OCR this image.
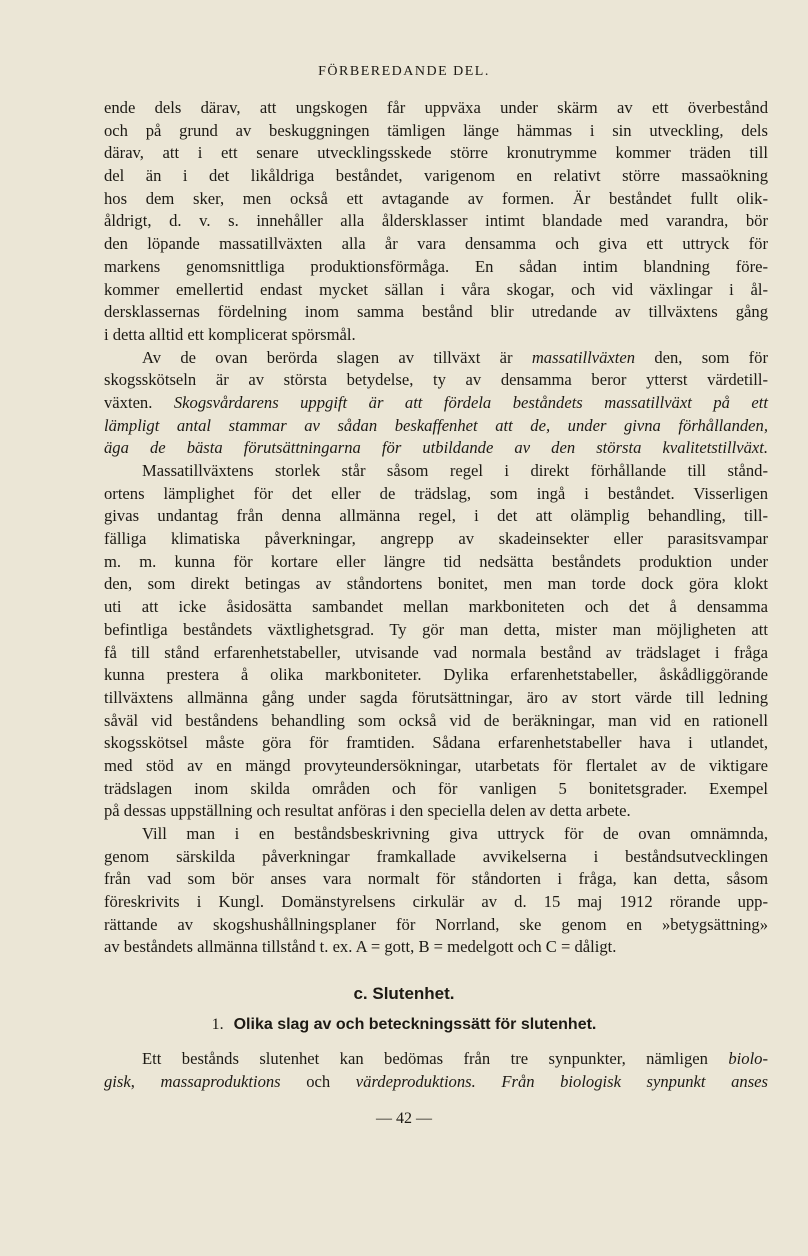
FÖRBEREDANDE DEL.
ende dels därav, att ungskogen får uppväxa under skärm av ett överbestånd
och på grund av beskuggningen tämligen länge hämmas i sin utveckling, dels
därav, att i ett senare utvecklingsskede större kronutrymme kommer träden till
del än i det likåldriga beståndet, varigenom en relativt större massaökning
hos dem sker, men också ett avtagande av formen. Är beståndet fullt olik-
åldrigt, d. v. s. innehåller alla åldersklasser intimt blandade med varandra, bör
den löpande massatillväxten alla år vara densamma och giva ett uttryck för
markens genomsnittliga produktionsförmåga. En sådan intim blandning före-
kommer emellertid endast mycket sällan i våra skogar, och vid växlingar i ål-
dersklassernas fördelning inom samma bestånd blir utredande av tillväxtens gång
i detta alltid ett komplicerat spörsmål.
Av de ovan berörda slagen av tillväxt är massatillväxten den, som för
skogsskötseln är av största betydelse, ty av densamma beror ytterst värdetill-
växten. Skogsvårdarens uppgift är att fördela beståndets massatillväxt på ett
lämpligt antal stammar av sådan beskaffenhet att de, under givna förhållanden,
äga de bästa förutsättningarna för utbildande av den största kvalitetstillväxt.
Massatillväxtens storlek står såsom regel i direkt förhållande till stånd-
ortens lämplighet för det eller de trädslag, som ingå i beståndet. Visserligen
givas undantag från denna allmänna regel, i det att olämplig behandling, till-
fälliga klimatiska påverkningar, angrepp av skadeinsekter eller parasitsvampar
m. m. kunna för kortare eller längre tid nedsätta beståndets produktion under
den, som direkt betingas av ståndortens bonitet, men man torde dock göra klokt
uti att icke åsidosätta sambandet mellan markboniteten och det å densamma
befintliga beståndets växtlighetsgrad. Ty gör man detta, mister man möjligheten att
få till stånd erfarenhetstabeller, utvisande vad normala bestånd av trädslaget i fråga
kunna prestera å olika markboniteter. Dylika erfarenhetstabeller, åskådliggörande
tillväxtens allmänna gång under sagda förutsättningar, äro av stort värde till ledning
såväl vid beståndens behandling som också vid de beräkningar, man vid en rationell
skogsskötsel måste göra för framtiden. Sådana erfarenhetstabeller hava i utlandet,
med stöd av en mängd provyteundersökningar, utarbetats för flertalet av de viktigare
trädslagen inom skilda områden och för vanligen 5 bonitetsgrader. Exempel
på dessas uppställning och resultat anföras i den speciella delen av detta arbete.
Vill man i en beståndsbeskrivning giva uttryck för de ovan omnämnda,
genom särskilda påverkningar framkallade avvikelserna i beståndsutvecklingen
från vad som bör anses vara normalt för ståndorten i fråga, kan detta, såsom
föreskrivits i Kungl. Domänstyrelsens cirkulär av d. 15 maj 1912 rörande upp-
rättande av skogshushållningsplaner för Norrland, ske genom en »betygsättning»
av beståndets allmänna tillstånd t. ex. A = gott, B = medelgott och C = dåligt.
c. Slutenhet.
1. Olika slag av och beteckningssätt för slutenhet.
Ett bestånds slutenhet kan bedömas från tre synpunkter, nämligen biolo-
gisk, massaproduktions och värdeproduktions. Från biologisk synpunkt anses
— 42 —
